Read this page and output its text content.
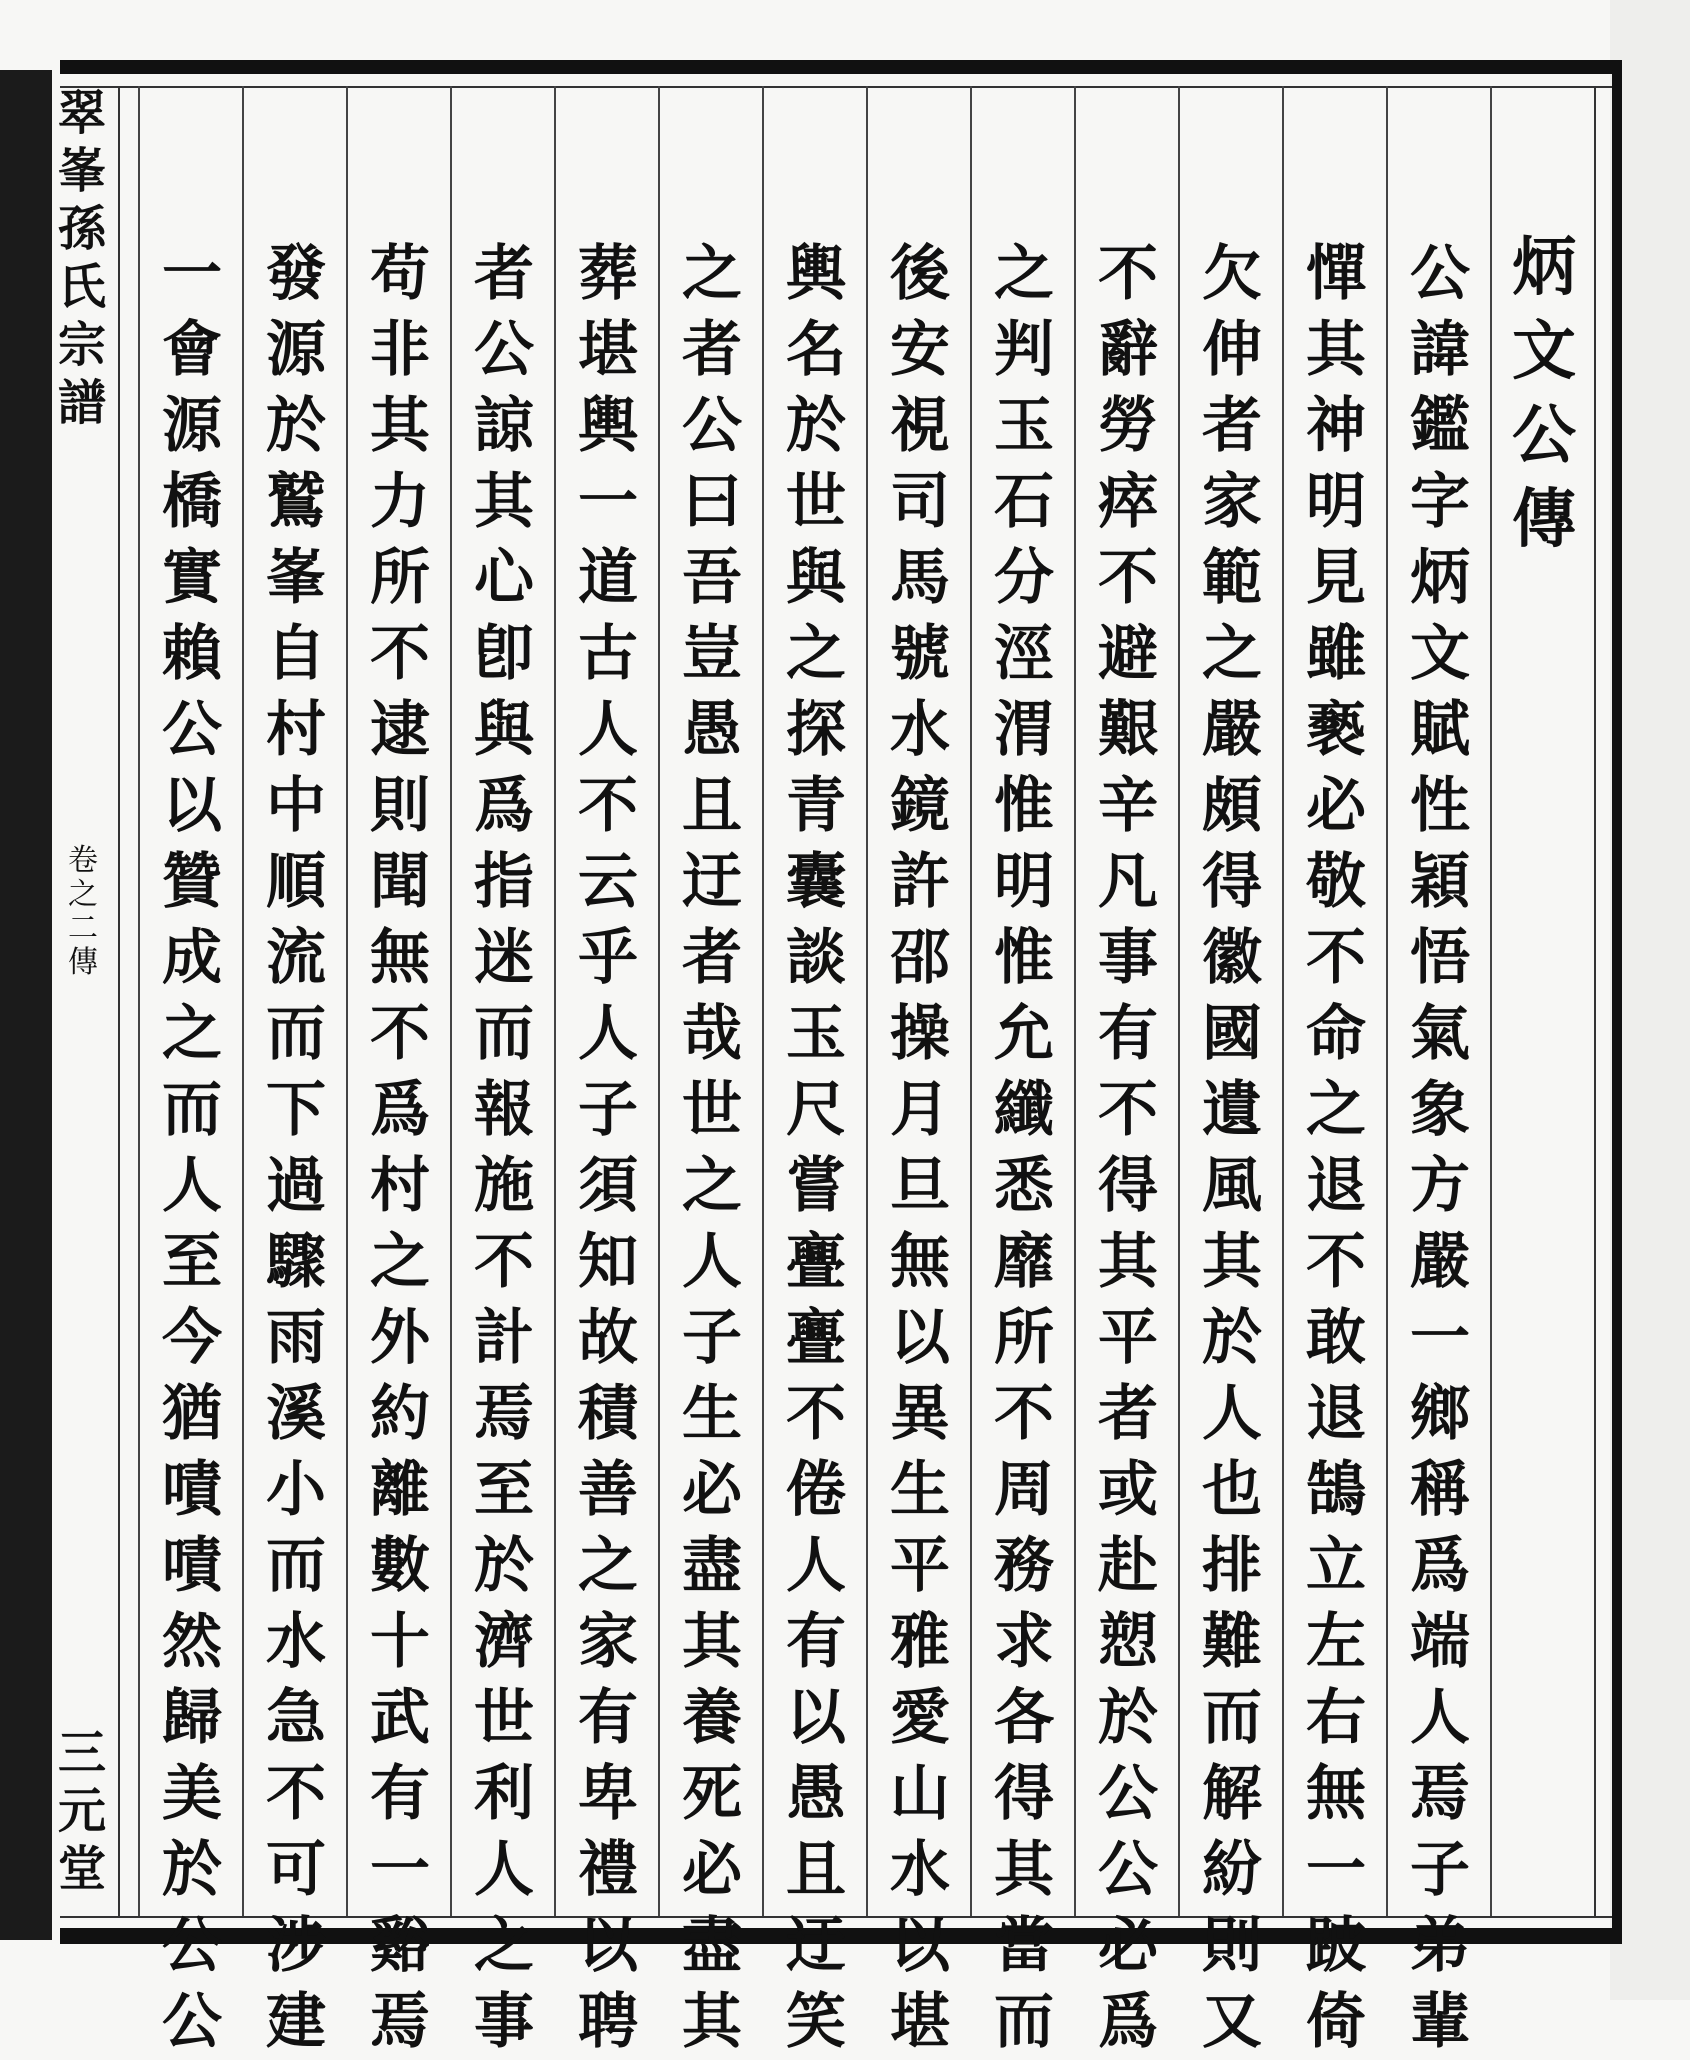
翠峯孫氏宗譜
卷之二傳
三元堂
炳文公傳
公諱鑑字炳文賦性穎悟氣象方嚴一鄉稱爲端人焉子弟輩
憚其神明見雖褻必敬不命之退不敢退鵠立左右無一跛倚
欠伸者家範之嚴頗得徽國遺風其於人也排難而解紛則又
不辭勞瘁不避艱辛凡事有不得其平者或赴愬於公公必爲
之判玉石分涇渭惟明惟允纖悉靡所不周務求各得其當而
後安視司馬號水鏡許邵操月旦無以異生平雅愛山水以堪
輿名於世與之探青囊談玉尺嘗亹亹不倦人有以愚且迂笑
之者公曰吾豈愚且迂者哉世之人子生必盡其養死必盡其
葬堪輿一道古人不云乎人子須知故積善之家有卑禮以聘
者公諒其心卽與爲指迷而報施不計焉至於濟世利人之事
苟非其力所不逮則聞無不爲村之外約離數十武有一谿焉
發源於鷲峯自村中順流而下過驟雨溪小而水急不可涉建
一會源橋實賴公以贊成之而人至今猶嘖嘖然歸美於公公
